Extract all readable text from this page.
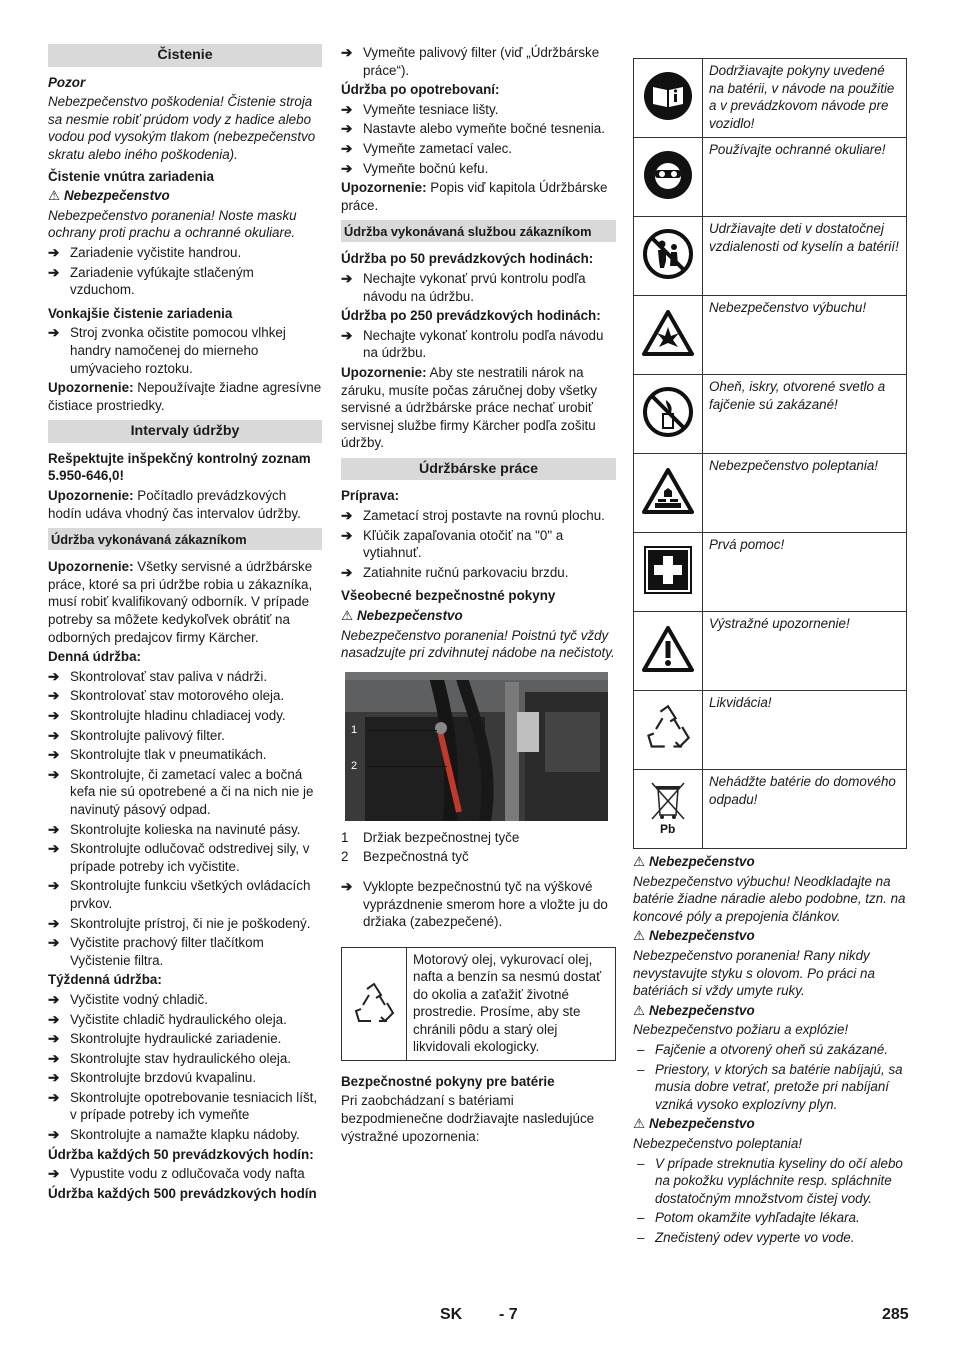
Čistenie

Pozor

Nebezpečenstvo poškodenia! Čistenie stroja sa nesmie robiť prúdom vody z hadice alebo vodou pod vysokým tlakom (nebezpečenstvo skratu alebo iného poškodenia).

Čistenie vnútra zariadenia

⚠ Nebezpečenstvo

Nebezpečenstvo poranenia! Noste masku ochrany proti prachu a ochranné okuliare.

➔ Zariadenie vyčistite handrou.
➔ Zariadenie vyfúkajte stlačeným vzduchom.

Vonkajšie čistenie zariadenia

➔ Stroj zvonka očistite pomocou vlhkej handry namočenej do mierneho umývacieho roztoku.

Upozornenie: Nepoužívajte žiadne agresívne čistiace prostriedky.

Intervaly údržby

Rešpektujte inšpekčný kontrolný zoznam 5.950-646,0!

Upozornenie: Počítadlo prevádzkových hodín udáva vhodný čas intervalov údržby.

Údržba vykonávaná zákazníkom

Upozornenie: Všetky servisné a údržbárske práce, ktoré sa pri údržbe robia u zákazníka, musí robiť kvalifikovaný odborník. V prípade potreby sa môžete kedykoľvek obrátiť na odborných predajcov firmy Kärcher.

Denná údržba:

➔ Skontrolovať stav paliva v nádrži.
➔ Skontrolovať stav motorového oleja.
➔ Skontrolujte hladinu chladiacej vody.
➔ Skontrolujte palivový filter.
➔ Skontrolujte tlak v pneumatikách.
➔ Skontrolujte, či zametací valec a bočná kefa nie sú opotrebené a či na nich nie je navinutý pásový odpad.
➔ Skontrolujte kolieska na navinuté pásy.
➔ Skontrolujte odlučovač odstredivej sily, v prípade potreby ich vyčistite.
➔ Skontrolujte funkciu všetkých ovládacích prvkov.
➔ Skontrolujte prístroj, či nie je poškodený.
➔ Vyčistite prachový filter tlačítkom Vyčistenie filtra.

Týždenná údržba:

➔ Vyčistite vodný chladič.
➔ Vyčistite chladič hydraulického oleja.
➔ Skontrolujte hydraulické zariadenie.
➔ Skontrolujte stav hydraulického oleja.
➔ Skontrolujte brzdovú kvapalinu.
➔ Skontrolujte opotrebovanie tesniacich líšt, v prípade potreby ich vymeňte
➔ Skontrolujte a namažte klapku nádoby.

Údržba každých 50 prevádzkových hodín:

➔ Vypustite vodu z odlučovača vody nafta

Údržba každých 500 prevádzkových hodín

➔ Vymeňte palivový filter (viď „Údržbárske práce“).

Údržba po opotrebovaní:

➔ Vymeňte tesniace lišty.
➔ Nastavte alebo vymeňte bočné tesnenia.
➔ Vymeňte zametací valec.
➔ Vymeňte bočnú kefu.

Upozornenie: Popis viď kapitola Údržbárske práce.

Údržba vykonávaná službou zákazníkom

Údržba po 50 prevádzkových hodinách:

➔ Nechajte vykonať prvú kontrolu podľa návodu na údržbu.

Údržba po 250 prevádzkových hodinách:

➔ Nechajte vykonať kontrolu podľa návodu na údržbu.

Upozornenie: Aby ste nestratili nárok na záruku, musíte počas záručnej doby všetky servisné a údržbárske práce nechať urobiť servisnej službe firmy Kärcher podľa zošitu údržby.

Údržbárske práce

Príprava:

➔ Zametací stroj postavte na rovnú plochu.
➔ Kľúčik zapaľovania otočiť na "0" a vytiahnuť.
➔ Zatiahnite ručnú parkovaciu brzdu.

Všeobecné bezpečnostné pokyny

⚠ Nebezpečenstvo

Nebezpečenstvo poranenia! Poistnú tyč vždy nasadzujte pri zdvihnutej nádobe na nečistoty.

1
2
1	Držiak bezpečnostnej tyče
2	Bezpečnostná tyč
➔ Vyklopte bezpečnostnú tyč na výškové vyprázdnenie smerom hore a vložte ju do držiaka (zabezpečené).
Motorový olej, vykurovací olej, nafta a benzín sa nesmú dostať do okolia a zaťažiť životné prostredie. Prosíme, aby ste chránili pôdu a starý olej likvidovali ekologicky.

Bezpečnostné pokyny pre batérie

Pri zaobchádzaní s batériami bezpodmienečne dodržiavajte nasledujúce výstražné upozornenia:

	Dodržiavajte pokyny uvedené na batérii, v návode na použitie a v prevádzkovom návode pre vozidlo!
	Používajte ochranné okuliare!
	Udržiavajte deti v dostatočnej vzdialenosti od kyselín a batérií!
	Nebezpečenstvo výbuchu!
	Oheň, iskry, otvorené svetlo a fajčenie sú zakázané!
	Nebezpečenstvo poleptania!
	Prvá pomoc!
	Výstražné upozornenie!
	Likvidácia!

Pb	Nehádžte batérie do domového odpadu!
⚠ Nebezpečenstvo

Nebezpečenstvo výbuchu! Neodkladajte na batérie žiadne náradie alebo podobne, tzn. na koncové póly a prepojenia článkov.

⚠ Nebezpečenstvo

Nebezpečenstvo poranenia! Rany nikdy nevystavujte styku s olovom. Po práci na batériách si vždy umyte ruky.

⚠ Nebezpečenstvo

Nebezpečenstvo požiaru a explózie!

– Fajčenie a otvorený oheň sú zakázané.
– Priestory, v ktorých sa batérie nabíjajú, sa musia dobre vetrať, pretože pri nabíjaní vzniká vysoko explozívny plyn.
⚠ Nebezpečenstvo

Nebezpečenstvo poleptania!

– V prípade streknutia kyseliny do očí alebo na pokožku vypláchnite resp. spláchnite dostatočným množstvom čistej vody.
– Potom okamžite vyhľadajte lékara.
– Znečistený odev vyperte vo vode.
SK - 7	285
